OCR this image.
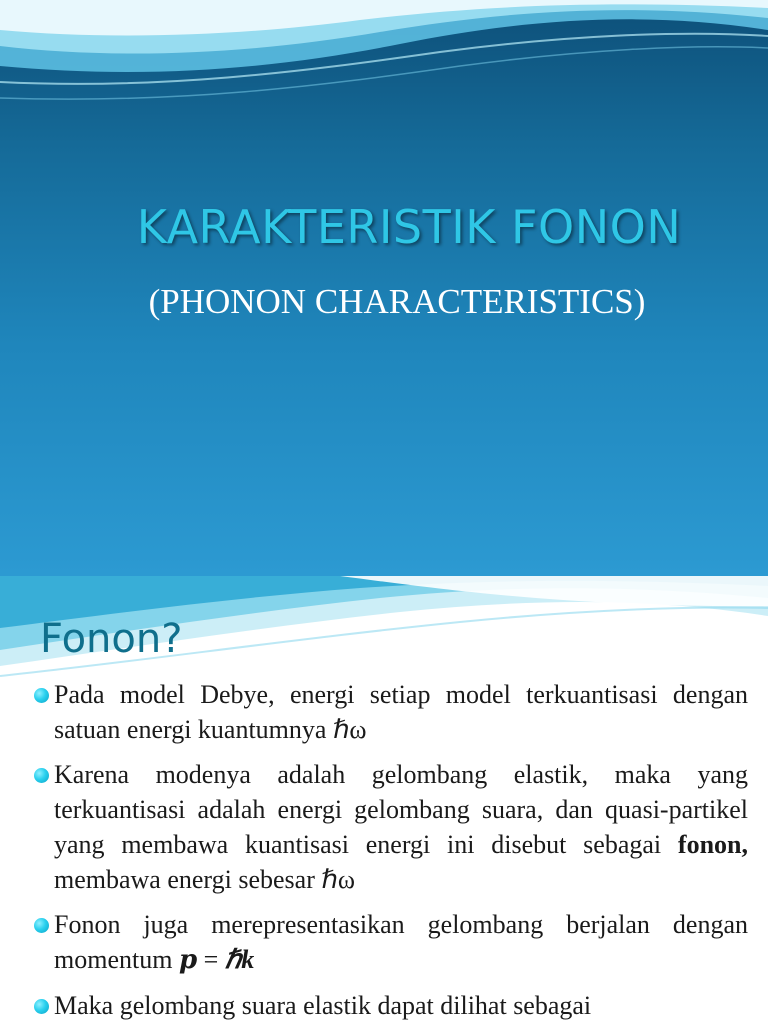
KARAKTERISTIK FONON
(PHONON CHARACTERISTICS)
Fonon?
Pada model Debye, energi setiap model terkuantisasi dengan satuan energi kuantumnya ℏω
Karena modenya adalah gelombang elastik, maka yang terkuantisasi adalah energi gelombang suara, dan quasi-partikel yang membawa kuantisasi energi ini disebut sebagai fonon, membawa energi sebesar ℏω
Fonon juga merepresentasikan gelombang berjalan dengan momentum p = ℏk
Maka gelombang suara elastik dapat dilihat sebagai
